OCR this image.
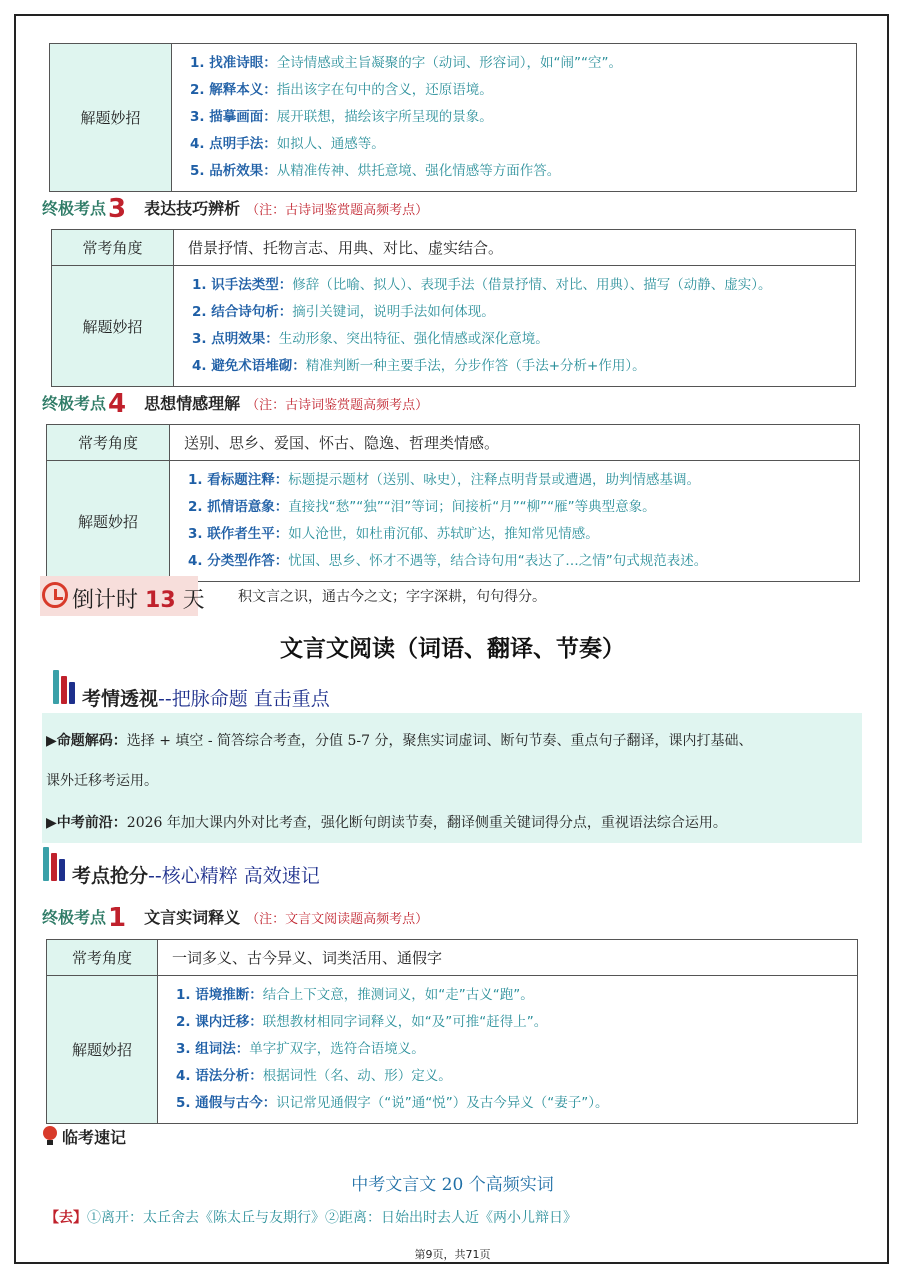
解题妙招	
1. 找准诗眼：全诗情感或主旨凝聚的字（动词、形容词），如“闹”“空”。
2. 解释本义：指出该字在句中的含义，还原语境。
3. 描摹画面：展开联想，描绘该字所呈现的景象。
4. 点明手法：如拟人、通感等。
5. 品析效果：从精准传神、烘托意境、强化情感等方面作答。
终极考点3 表达技巧辨析 （注：古诗词鉴赏题高频考点）
常考角度	借景抒情、托物言志、用典、对比、虚实结合。
解题妙招	1. 识手法类型：修辞（比喻、拟人）、表现手法（借景抒情、对比、用典）、描写（动静、虚实）。
2. 结合诗句析：摘引关键词，说明手法如何体现。
3. 点明效果：生动形象、突出特征、强化情感或深化意境。
4. 避免术语堆砌：精准判断一种主要手法，分步作答（手法+分析+作用）。
终极考点4 思想情感理解 （注：古诗词鉴赏题高频考点）
常考角度	送别、思乡、爱国、怀古、隐逸、哲理类情感。
解题妙招	1. 看标题注释：标题提示题材（送别、咏史），注释点明背景或遭遇，助判情感基调。
2. 抓情语意象：直接找“愁”“独”“泪”等词；间接析“月”“柳”“雁”等典型意象。
3. 联作者生平：如人沧世，如杜甫沉郁、苏轼旷达，推知常见情感。
4. 分类型作答：忧国、思乡、怀才不遇等，结合诗句用“表达了…之情”句式规范表述。
倒计时 13 天 积文言之识，通古今之文；字字深耕，句句得分。
文言文阅读（词语、翻译、节奏）
考情透视--把脉命题 直击重点

▶命题解码：选择 + 填空 - 简答综合考查，分值 5-7 分，聚焦实词虚词、断句节奏、重点句子翻译，课内打基础、

课外迁移考运用。

▶中考前沿：2026 年加大课内外对比考查，强化断句朗读节奏，翻译侧重关键词得分点，重视语法综合运用。

考点抢分--核心精粹 高效速记
终极考点1 文言实词释义 （注：文言文阅读题高频考点）
常考角度	一词多义、古今异义、词类活用、通假字
解题妙招	1. 语境推断：结合上下文意，推测词义，如“走”古义“跑”。
2. 课内迁移：联想教材相同字词释义，如“及”可推“赶得上”。
3. 组词法：单字扩双字，选符合语境义。
4. 语法分析：根据词性（名、动、形）定义。
5. 通假与古今：识记常见通假字（“说”通“悦”）及古今异义（“妻子”）。
临考速记
中考文言文 20 个高频实词
【去】①离开：太丘舍去《陈太丘与友期行》②距离：日始出时去人近《两小儿辩日》
第9页，共71页
